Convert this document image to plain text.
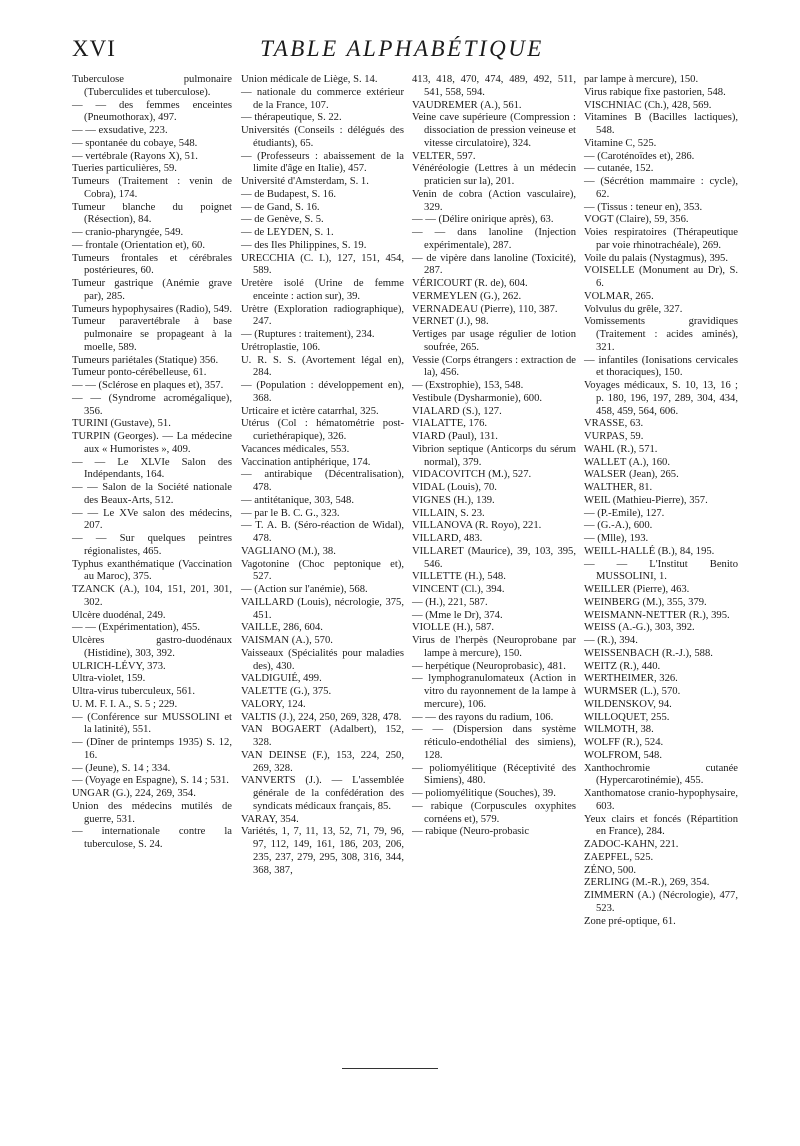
XVI	TABLE ALPHABÉTIQUE
Tuberculose pulmonaire (Tuberculides et tuberculose).
— — des femmes enceintes (Pneumothorax), 497.
— — exsudative, 223.
— spontanée du cobaye, 548.
— vertébrale (Rayons X), 51.
Tueries particulières, 59.
Tumeurs (Traitement : venin de Cobra), 174.
Tumeur blanche du poignet (Résection), 84.
— cranio-pharyngée, 549.
— frontale (Orientation et), 60.
Tumeurs frontales et cérébrales postérieures, 60.
Tumeur gastrique (Anémie grave par), 285.
Tumeurs hypophysaires (Radio), 549.
Tumeur paravertébrale à base pulmonaire se propageant à la moelle, 589.
Tumeurs pariétales (Statique) 356.
Tumeur ponto-cérébelleuse, 61.
— — (Sclérose en plaques et), 357.
— — (Syndrome acromégalique), 356.
TURINI (Gustave), 51.
TURPIN (Georges). — La médecine aux « Humoristes », 409.
— — Le XLVIe Salon des Indépendants, 164.
— — Salon de la Société nationale des Beaux-Arts, 512.
— — Le XVe salon des médecins, 207.
— — Sur quelques peintres régionalistes, 465.
Typhus exanthématique (Vaccination au Maroc), 375.
TZANCK (A.), 104, 151, 201, 301, 302.
Ulcère duodénal, 249.
— — (Expérimentation), 455.
Ulcères gastro-duodénaux (Histidine), 303, 392.
ULRICH-LÉVY, 373.
Ultra-violet, 159.
Ultra-virus tuberculeux, 561.
U. M. F. I. A., S. 5 ; 229.
— (Conférence sur MUSSOLINI et la latinité), 551.
— (Dîner de printemps 1935) S. 12, 16.
— (Jeune), S. 14 ; 334.
— (Voyage en Espagne), S. 14 ; 531.
UNGAR (G.), 224, 269, 354.
Union des médecins mutilés de guerre, 531.
— internationale contre la tuberculose, S. 24.
Union médicale de Liège, S. 14.
— nationale du commerce extérieur de la France, 107.
— thérapeutique, S. 22.
Universités (Conseils : délégués des étudiants), 65.
— (Professeurs : abaissement de la limite d'âge en Italie), 457.
Université d'Amsterdam, S. 1.
— de Budapest, S. 16.
— de Gand, S. 16.
— de Genève, S. 5.
— de LEYDEN, S. 1.
— des Iles Philippines, S. 19.
URECCHIA (C. I.), 127, 151, 454, 589.
Uretère isolé (Urine de femme enceinte : action sur), 39.
Urètre (Exploration radiographique), 247.
— (Ruptures : traitement), 234.
Urétroplastie, 106.
U. R. S. S. (Avortement légal en), 284.
— (Population : développement en), 368.
Urticaire et ictère catarrhal, 325.
Utérus (Col : hématométrie post-curiethérapique), 326.
Vacances médicales, 553.
Vaccination antiphérique, 174.
— antirabique (Décentralisation), 478.
— antitétanique, 303, 548.
— par le B. C. G., 323.
— T. A. B. (Séro-réaction de Widal), 478.
VAGLIANO (M.), 38.
Vagotonine (Choc peptonique et), 527.
— (Action sur l'anémie), 568.
VAILLARD (Louis), nécrologie, 375, 451.
VAILLE, 286, 604.
VAISMAN (A.), 570.
Vaisseaux (Spécialités pour maladies des), 430.
VALDIGUIÉ, 499.
VALETTE (G.), 375.
VALORY, 124.
VALTIS (J.), 224, 250, 269, 328, 478.
VAN BOGAERT (Adalbert), 152, 328.
VAN DEINSE (F.), 153, 224, 250, 269, 328.
VANVERTS (J.). — L'assemblée générale de la confédération des syndicats médicaux français, 85.
VARAY, 354.
Variétés, 1, 7, 11, 13, 52, 71, 79, 96, 97, 112, 149, 161, 186, 203, 206, 235, 237, 279, 295, 308, 316, 344, 368, 387,
413, 418, 470, 474, 489, 492, 511, 541, 558, 594.
VAUDREMER (A.), 561.
Veine cave supérieure (Compression : dissociation de pression veineuse et vitesse circulatoire), 324.
VELTER, 597.
Vénéréologie (Lettres à un médecin praticien sur la), 201.
Venin de cobra (Action vasculaire), 329.
— — (Délire onirique après), 63.
— — dans lanoline (Injection expérimentale), 287.
— de vipère dans lanoline (Toxicité), 287.
VÉRICOURT (R. de), 604.
VERMEYLEN (G.), 262.
VERNADEAU (Pierre), 110, 387.
VERNET (J.), 98.
Vertiges par usage régulier de lotion soufrée, 265.
Vessie (Corps étrangers : extraction de la), 456.
— (Exstrophie), 153, 548.
Vestibule (Dysharmonie), 600.
VIALARD (S.), 127.
VIALATTE, 176.
VIARD (Paul), 131.
Vibrion septique (Anticorps du sérum normal), 379.
VIDACOVITCH (M.), 527.
VIDAL (Louis), 70.
VIGNES (H.), 139.
VILLAIN, S. 23.
VILLANOVA (R. Royo), 221.
VILLARD, 483.
VILLARET (Maurice), 39, 103, 395, 546.
VILLETTE (H.), 548.
VINCENT (Cl.), 394.
— (H.), 221, 587.
— (Mme le Dr), 374.
VIOLLE (H.), 587.
Virus de l'herpès (Neuroprobane par lampe à mercure), 150.
— herpétique (Neuroprobasic), 481.
— lymphogranulomateux (Action in vitro du rayonnement de la lampe à mercure), 106.
— — des rayons du radium, 106.
— — (Dispersion dans système réticulo-endothélial des simiens), 128.
— poliomyélitique (Réceptivité des Simiens), 480.
— poliomyélitique (Souches), 39.
— rabique (Corpuscules oxyphites cornéens et), 579.
— rabique (Neuro-probasic
par lampe à mercure), 150.
Virus rabique fixe pastorien, 548.
VISCHNIAC (Ch.), 428, 569.
Vitamines B (Bacilles lactiques), 548.
Vitamine C, 525.
— (Caroténoïdes et), 286.
— cutanée, 152.
— (Sécrétion mammaire : cycle), 62.
— (Tissus : teneur en), 353.
VOGT (Claire), 59, 356.
Voies respiratoires (Thérapeutique par voie rhinotrachéale), 269.
Voile du palais (Nystagmus), 395.
VOISELLE (Monument au Dr), S. 6.
VOLMAR, 265.
Volvulus du grêle, 327.
Vomissements gravidiques (Traitement : acides aminés), 321.
— infantiles (Ionisations cervicales et thoraciques), 150.
Voyages médicaux, S. 10, 13, 16 ; p. 180, 196, 197, 289, 304, 434, 458, 459, 564, 606.
VRASSE, 63.
VURPAS, 59.
WAHL (R.), 571.
WALLET (A.), 160.
WALSER (Jean), 265.
WALTHER, 81.
WEIL (Mathieu-Pierre), 357.
— (P.-Emile), 127.
— (G.-A.), 600.
— (Mlle), 193.
WEILL-HALLÉ (B.), 84, 195.
— — L'Institut Benito MUSSOLINI, 1.
WEILLER (Pierre), 463.
WEINBERG (M.), 355, 379.
WEISMANN-NETTER (R.), 395.
WEISS (A.-G.), 303, 392.
— (R.), 394.
WEISSENBACH (R.-J.), 588.
WEITZ (R.), 440.
WERTHEIMER, 326.
WURMSER (L.), 570.
WILDENSKOV, 94.
WILLOQUET, 255.
WILMOTH, 38.
WOLFF (R.), 524.
WOLFROM, 548.
Xanthochromie cutanée (Hypercarotinémie), 455.
Xanthomatose cranio-hypophysaire, 603.
Yeux clairs et foncés (Répartition en France), 284.
ZADOC-KAHN, 221.
ZAEPFEL, 525.
ZÉNO, 500.
ZERLING (M.-R.), 269, 354.
ZIMMERN (A.) (Nécrologie), 477, 523.
Zone pré-optique, 61.
